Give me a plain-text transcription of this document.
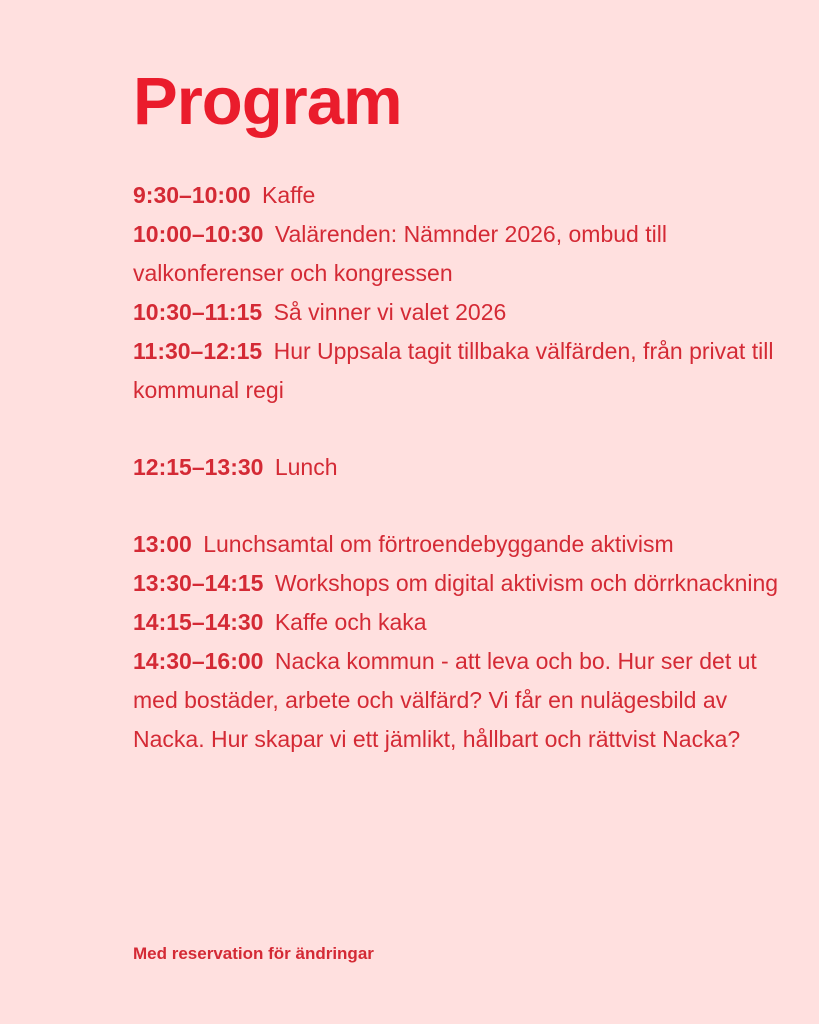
Program

9:30–10:00 Kaffe

10:00–10:30 Valärenden: Nämnder 2026, ombud till valkonferenser och kongressen

10:30–11:15 Så vinner vi valet 2026

11:30–12:15 Hur Uppsala tagit tillbaka välfärden, från privat till kommunal regi

12:15–13:30 Lunch

13:00 Lunchsamtal om förtroendebyggande aktivism

13:30–14:15 Workshops om digital aktivism och dörrknackning

14:15–14:30 Kaffe och kaka

14:30–16:00 Nacka kommun - att leva och bo. Hur ser det ut med bostäder, arbete och välfärd? Vi får en nulägesbild av Nacka. Hur skapar vi ett jämlikt, hållbart och rättvist Nacka?

Med reservation för ändringar
